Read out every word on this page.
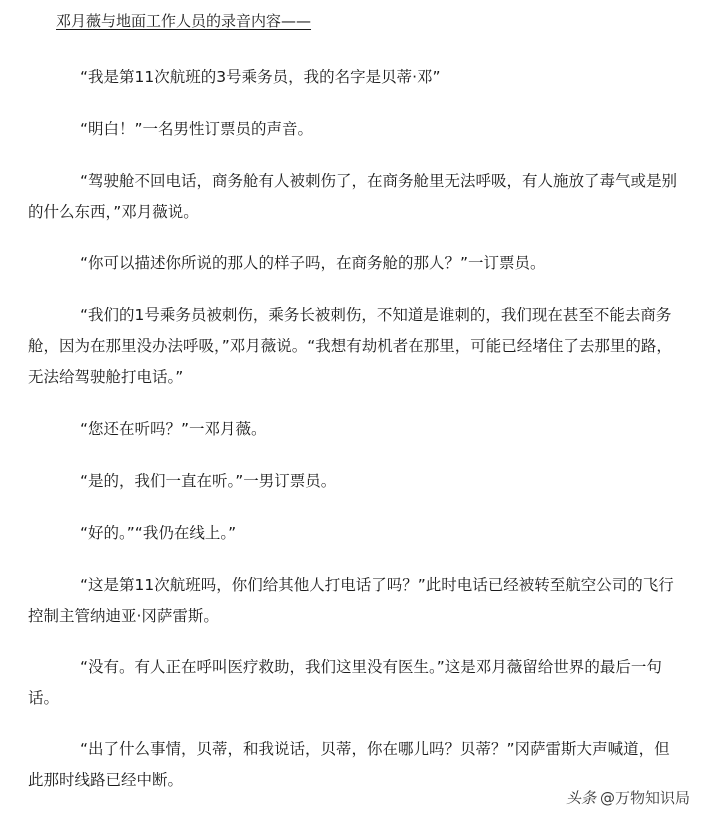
邓月薇与地面工作人员的录音内容——

“我是第11次航班的3号乘务员，我的名字是贝蒂·邓”

“明白！”一名男性订票员的声音。

“驾驶舱不回电话，商务舱有人被刺伤了，在商务舱里无法呼吸，有人施放了毒气或是别的什么东西，”邓月薇说。

“你可以描述你所说的那人的样子吗，在商务舱的那人？”一订票员。

“我们的1号乘务员被刺伤，乘务长被刺伤，不知道是谁刺的，我们现在甚至不能去商务舱，因为在那里没办法呼吸，”邓月薇说。“我想有劫机者在那里，可能已经堵住了去那里的路，无法给驾驶舱打电话。”

“您还在听吗？”一邓月薇。

“是的，我们一直在听。”一男订票员。

“好的。”“我仍在线上。”

“这是第11次航班吗，你们给其他人打电话了吗？”此时电话已经被转至航空公司的飞行控制主管纳迪亚·冈萨雷斯。

“没有。有人正在呼叫医疗救助，我们这里没有医生。”这是邓月薇留给世界的最后一句话。

“出了什么事情，贝蒂，和我说话，贝蒂，你在哪儿吗？贝蒂？”冈萨雷斯大声喊道，但此那时线路已经中断。

头条 @万物知识局
